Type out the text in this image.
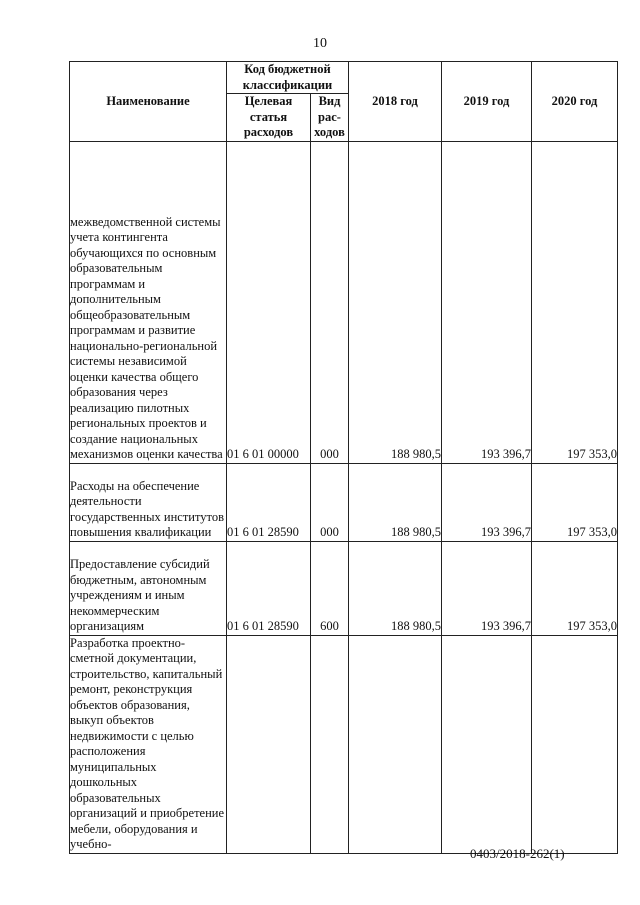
10
Наименование	Код бюджетной классификации		2018 год	2019 год	2020 год
	Целевая статья расходов	Вид рас-ходов			
межведомственной системы учета контингента обучающихся по основным образовательным программам и дополнительным общеобразовательным программам и развитие национально-региональной системы независимой оценки качества общего образования через реализацию пилотных региональных проектов и создание национальных механизмов оценки качества	01 6 01 00000	000	188 980,5	193 396,7	197 353,0
Расходы на обеспечение деятельности государственных институтов повышения квалификации	01 6 01 28590	000	188 980,5	193 396,7	197 353,0
Предоставление субсидий бюджетным, автономным учреждениям и иным некоммерческим организациям	01 6 01 28590	600	188 980,5	193 396,7	197 353,0
Разработка проектно-сметной документации, строительство, капитальный ремонт, реконструкция объектов образования, выкуп объектов недвижимости с целью расположения муниципальных дошкольных образовательных организаций и приобретение мебели, оборудования и учебно-					
0403/2018-262(1)
